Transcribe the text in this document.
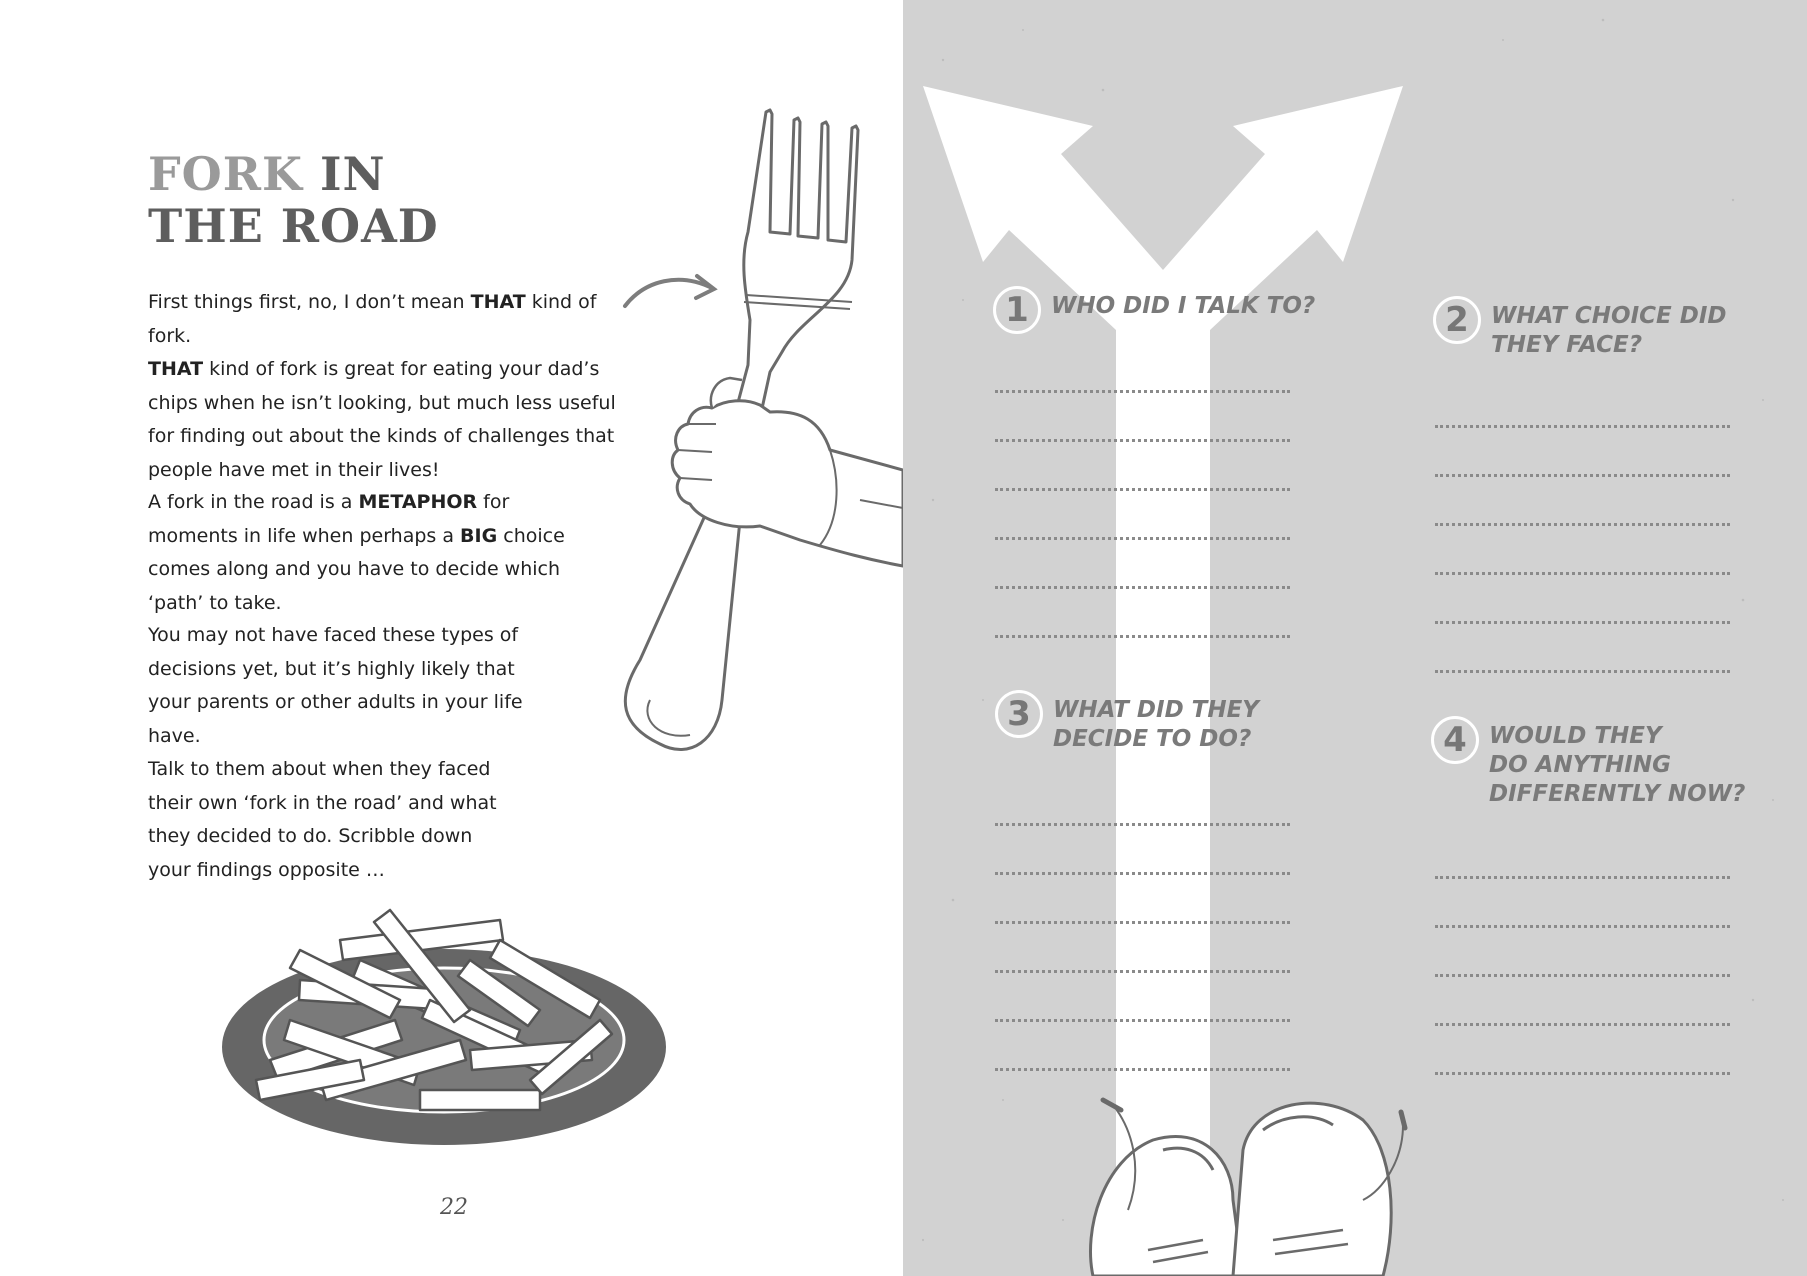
FORK IN
THE ROAD

First things first, no, I don’t mean THAT kind of fork.
THAT kind of fork is great for eating your dad’s chips when he isn’t looking, but much less useful for finding out about the kinds of challenges that people have met in their lives!

A fork in the road is a METAPHOR for moments in life when perhaps a BIG choice comes along and you have to decide which ‘path’ to take.

You may not have faced these types of decisions yet, but it’s highly likely that your parents or other adults in your life have.

Talk to them about when they faced their own ‘fork in the road’ and what they decided to do. Scribble down your findings opposite …

22
1 WHO DID I TALK TO?	2 WHAT CHOICE DID
THEY FACE?
3 WHAT DID THEY
DECIDE TO DO?	4 WOULD THEY
DO ANYTHING
DIFFERENTLY NOW?
